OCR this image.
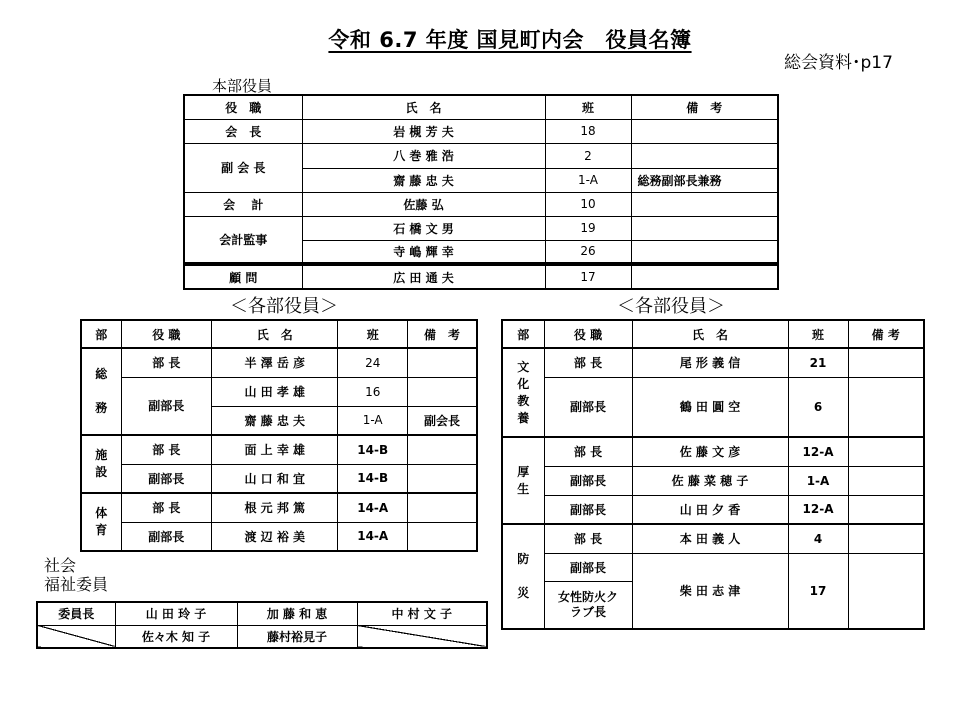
令和 6.7 年度 国見町内会　役員名簿
総会資料･p17
本部役員
役　職	氏　名	班	備　考
会　長	岩 槻 芳 夫	18	
副 会 長	八 巻 雅 浩	2	
	齋 藤 忠 夫	1-A	総務副部長兼務
会　 計	佐藤 弘	10	
会計監事	石 橋 文 男	19	
	寺 嶋 輝 幸	26	
顧 問	広 田 通 夫	17	
＜各部役員＞	＜各部役員＞
部	役 職	氏　名	班	備　考
総

務	部 長	半 澤 岳 彦	24	
	副部長	山 田 孝 雄	16	
		齋 藤 忠 夫	1-A	副会長
施
設	部 長	面 上 幸 雄	14-B	
	副部長	山 口 和 宜	14-B	
体
育	部 長	根 元 邦 篤	14-A	
	副部長	渡 辺 裕 美	14-A	
部	役 職	氏　名	班	備 考
文
化
教
養	部 長	尾 形 義 信	21	
	副部長	鶴 田 圓 空	6	
厚
生	部 長	佐 藤 文 彦	12-A	
	副部長	佐 藤 菜 穂 子	1-A	
	副部長	山 田 夕 香	12-A	
防

災	部 長	本 田 義 人	4	
	副部長	柴 田 志 津	17	
	女性防火クラブ長			
社会
福祉委員
委員長	山 田 玲 子	加 藤 和 恵	中 村 文 子
	佐々木 知 子	藤村裕見子	
